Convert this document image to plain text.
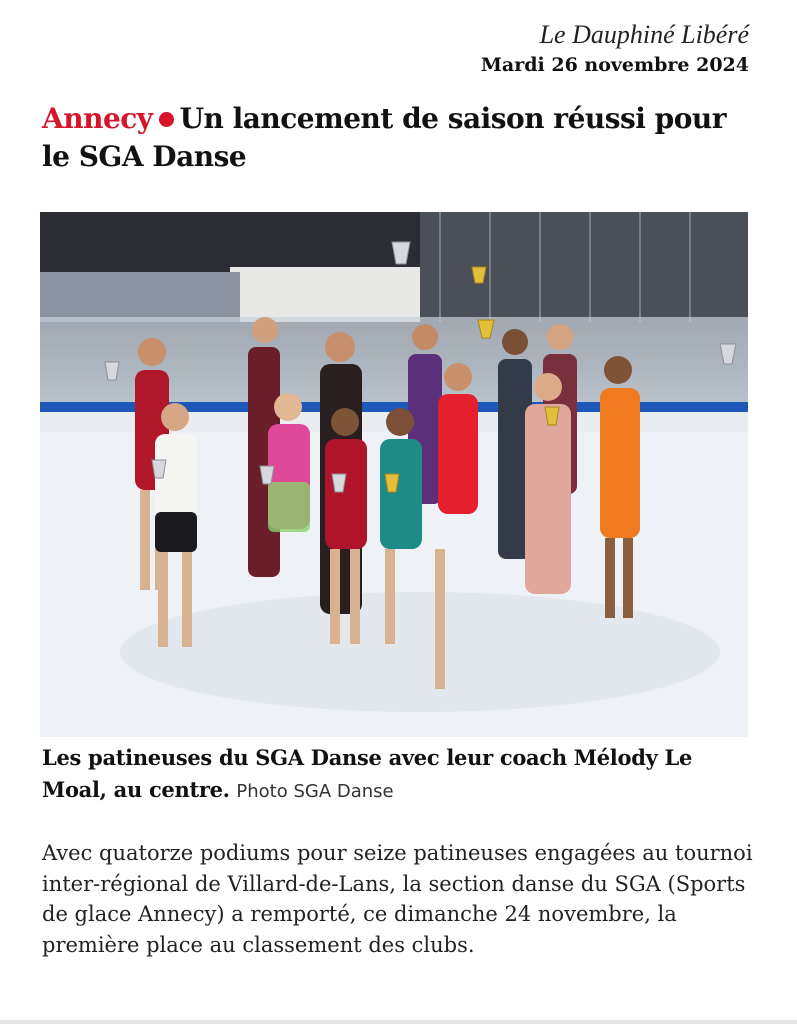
Le Dauphiné Libéré
Mardi 26 novembre 2024
Annecy Un lancement de saison réussi pour le SGA Danse
Les patineuses du SGA Danse avec leur coach Mélody Le Moal, au centre. Photo SGA Danse
Avec quatorze podiums pour seize patineuses engagées au tournoi inter-régional de Villard-de-Lans, la section danse du SGA (Sports de glace Annecy) a remporté, ce dimanche 24 novembre, la première place au classement des clubs.
